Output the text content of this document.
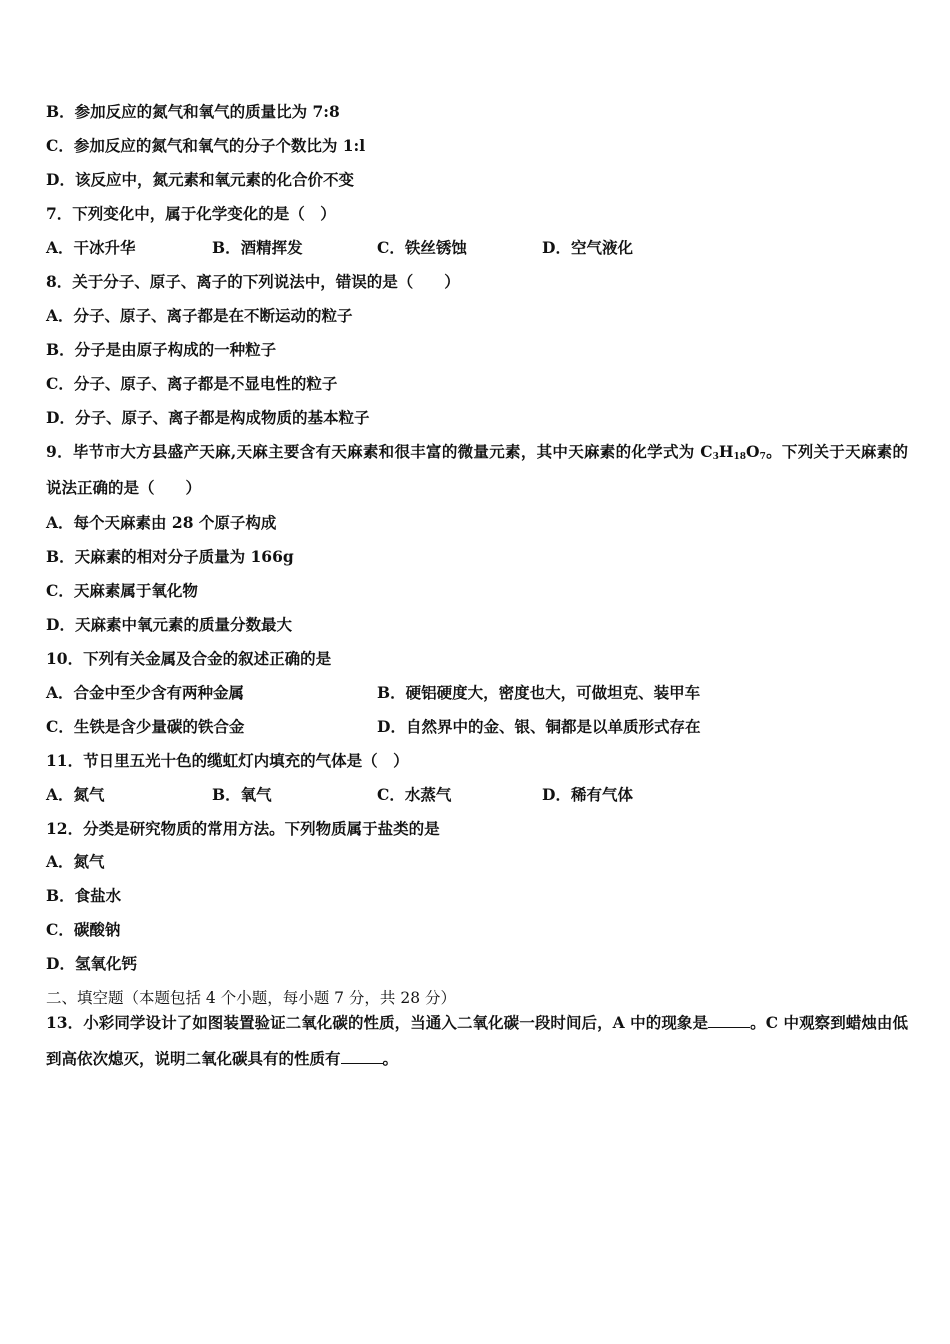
B．参加反应的氮气和氧气的质量比为 7:8
C．参加反应的氮气和氧气的分子个数比为 1:l
D．该反应中，氮元素和氧元素的化合价不变
7．下列变化中，属于化学变化的是（　）
A．干冰升华	B．酒精挥发	C．铁丝锈蚀	D．空气液化
8．关于分子、原子、离子的下列说法中，错误的是（　　）
A．分子、原子、离子都是在不断运动的粒子
B．分子是由原子构成的一种粒子
C．分子、原子、离子都是不显电性的粒子
D．分子、原子、离子都是构成物质的基本粒子
9．毕节市大方县盛产天麻,天麻主要含有天麻素和很丰富的微量元素，其中天麻素的化学式为 $C_3H_{18}O_7$。下列关于天麻素的说法正确的是（　　）
A．每个天麻素由 28 个原子构成
B．天麻素的相对分子质量为 166g
C．天麻素属于氧化物
D．天麻素中氧元素的质量分数最大
10．下列有关金属及合金的叙述正确的是
A．合金中至少含有两种金属	B．硬铝硬度大，密度也大，可做坦克、装甲车
C．生铁是含少量碳的铁合金	D．自然界中的金、银、铜都是以单质形式存在
11．节日里五光十色的缆虹灯内填充的气体是（　）
A．氮气	B．氧气	C．水蒸气	D．稀有气体
12．分类是研究物质的常用方法。下列物质属于盐类的是
A．氮气
B．食盐水
C．碳酸钠
D．氢氧化钙
二、填空题（本题包括 4 个小题，每小题 7 分，共 28 分）
13．小彩同学设计了如图装置验证二氧化碳的性质，当通入二氧化碳一段时间后，A 中的现象是	。C 中观察到蜡烛由低到高依次熄灭，说明二氧化碳具有的性质有	。
